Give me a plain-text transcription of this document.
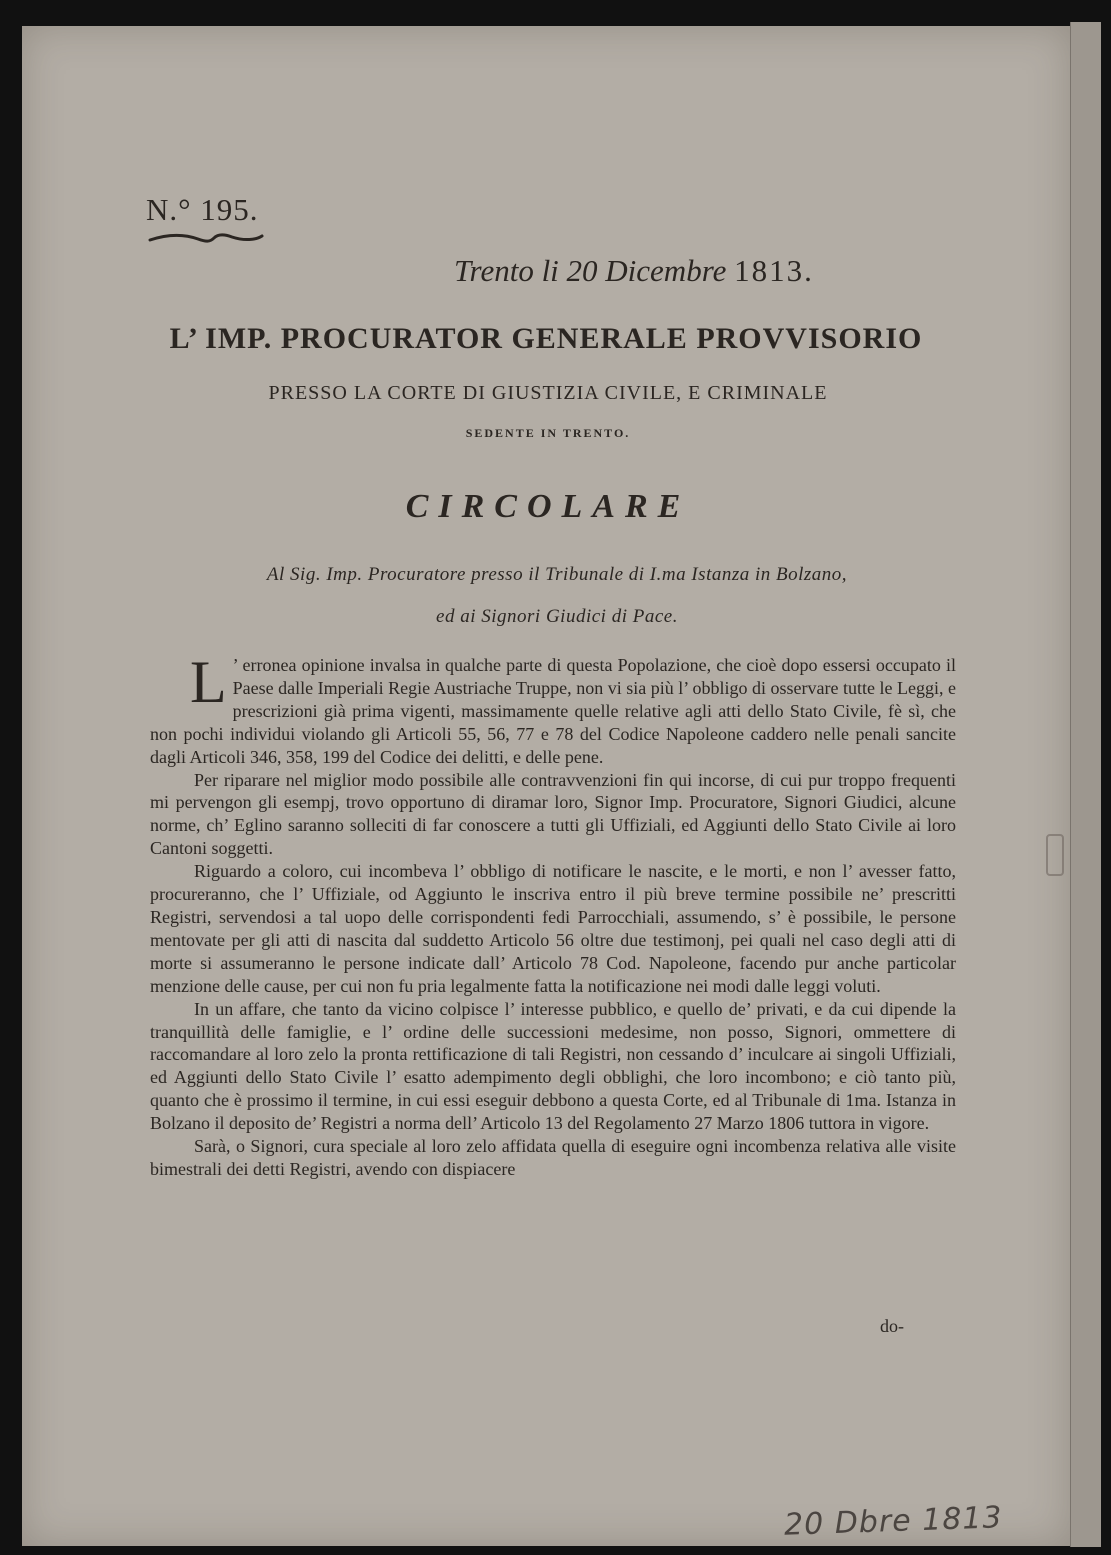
N.° 195.

Trento li 20 Dicembre 1813.

L’ IMP. PROCURATOR GENERALE PROVVISORIO

PRESSO LA CORTE DI GIUSTIZIA CIVILE, E CRIMINALE

SEDENTE IN TRENTO.

CIRCOLARE

Al Sig. Imp. Procuratore presso il Tribunale di I.ma Istanza in Bolzano,

ed ai Signori Giudici di Pace.

L ’ erronea opinione invalsa in qualche parte di questa Popolazione, che cioè dopo essersi occupato il Paese dalle Imperiali Regie Austriache Truppe, non vi sia più l’ obbligo di osservare tutte le Leggi, e prescrizioni già prima vigenti, massimamente quelle relative agli atti dello Stato Civile, fè sì, che non pochi individui violando gli Articoli 55, 56, 77 e 78 del Codice Napoleone caddero nelle penali sancite dagli Articoli 346, 358, 199 del Codice dei delitti, e delle pene.

Per riparare nel miglior modo possibile alle contravvenzioni fin qui incorse, di cui pur troppo frequenti mi pervengon gli esempj, trovo opportuno di diramar loro, Signor Imp. Procuratore, Signori Giudici, alcune norme, ch’ Eglino saranno solleciti di far conoscere a tutti gli Uffiziali, ed Aggiunti dello Stato Civile ai loro Cantoni soggetti.

Riguardo a coloro, cui incombeva l’ obbligo di notificare le nascite, e le morti, e non l’ avesser fatto, procureranno, che l’ Uffiziale, od Aggiunto le inscriva entro il più breve termine possibile ne’ prescritti Registri, servendosi a tal uopo delle corrispondenti fedi Parrocchiali, assumendo, s’ è possibile, le persone mentovate per gli atti di nascita dal suddetto Articolo 56 oltre due testimonj, pei quali nel caso degli atti di morte si assumeranno le persone indicate dall’ Articolo 78 Cod. Napoleone, facendo pur anche particolar menzione delle cause, per cui non fu pria legalmente fatta la notificazione nei modi dalle leggi voluti.

In un affare, che tanto da vicino colpisce l’ interesse pubblico, e quello de’ privati, e da cui dipende la tranquillità delle famiglie, e l’ ordine delle successioni medesime, non posso, Signori, ommettere di raccomandare al loro zelo la pronta rettificazione di tali Registri, non cessando d’ inculcare ai singoli Uffiziali, ed Aggiunti dello Stato Civile l’ esatto adempimento degli obblighi, che loro incombono; e ciò tanto più, quanto che è prossimo il termine, in cui essi eseguir debbono a questa Corte, ed al Tribunale di 1ma. Istanza in Bolzano il deposito de’ Registri a norma dell’ Articolo 13 del Regolamento 27 Marzo 1806 tuttora in vigore.

Sarà, o Signori, cura speciale al loro zelo affidata quella di eseguire ogni incombenza relativa alle visite bimestrali dei detti Registri, avendo con dispiacere

do-
20 Dbre 1813
